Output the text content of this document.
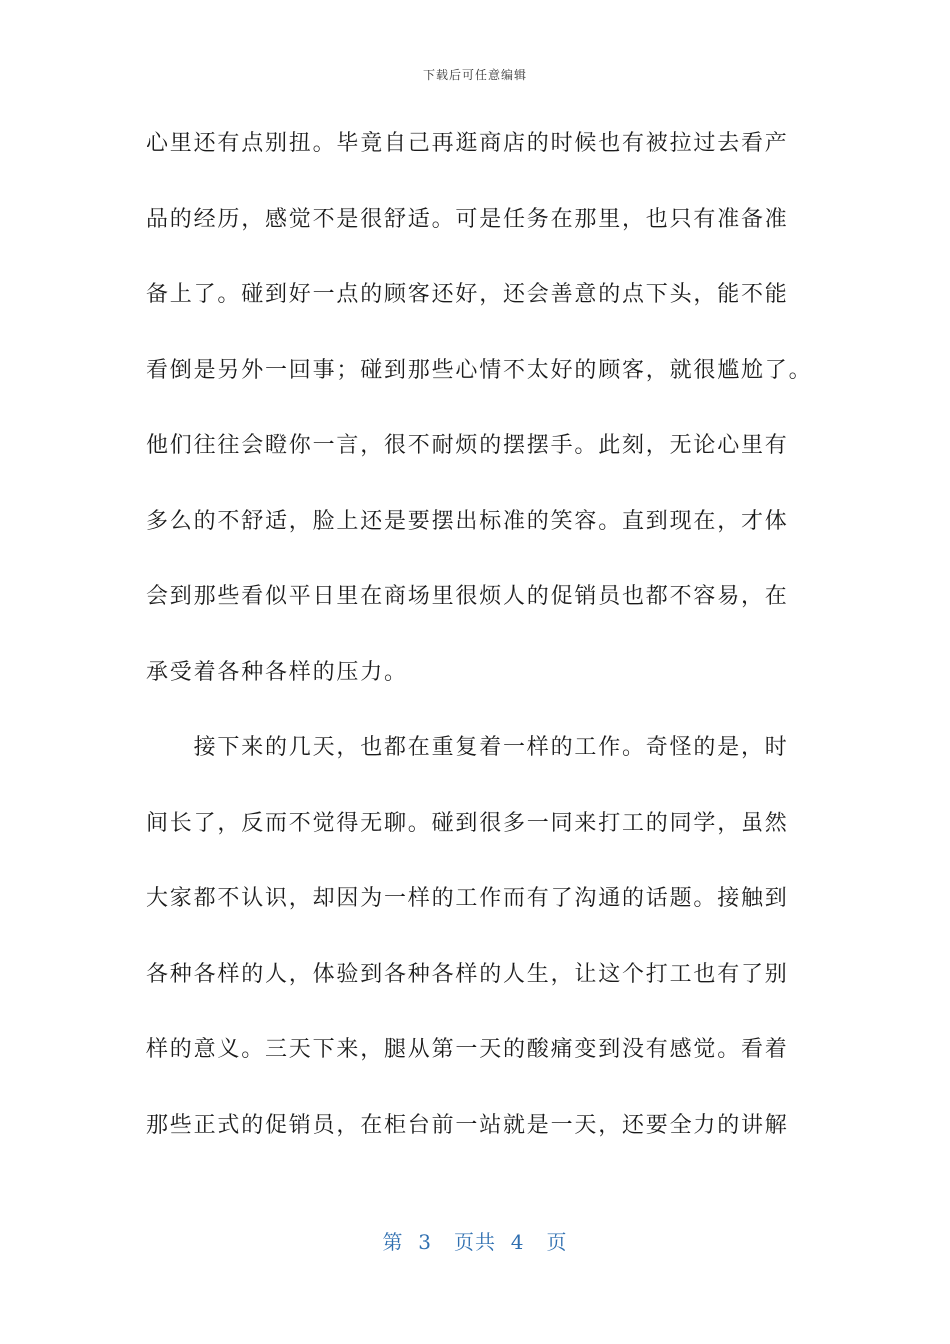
下载后可任意编辑
心里还有点别扭。毕竟自己再逛商店的时候也有被拉过去看产
品的经历，感觉不是很舒适。可是任务在那里，也只有准备准
备上了。碰到好一点的顾客还好，还会善意的点下头，能不能
看倒是另外一回事；碰到那些心情不太好的顾客，就很尴尬了。
他们往往会瞪你一言，很不耐烦的摆摆手。此刻，无论心里有
多么的不舒适，脸上还是要摆出标准的笑容。直到现在，才体
会到那些看似平日里在商场里很烦人的促销员也都不容易，在
承受着各种各样的压力。
　　接下来的几天，也都在重复着一样的工作。奇怪的是，时
间长了，反而不觉得无聊。碰到很多一同来打工的同学，虽然
大家都不认识，却因为一样的工作而有了沟通的话题。接触到
各种各样的人，体验到各种各样的人生，让这个打工也有了别
样的意义。三天下来，腿从第一天的酸痛变到没有感觉。看着
那些正式的促销员，在柜台前一站就是一天，还要全力的讲解
第  3   页共  4   页
